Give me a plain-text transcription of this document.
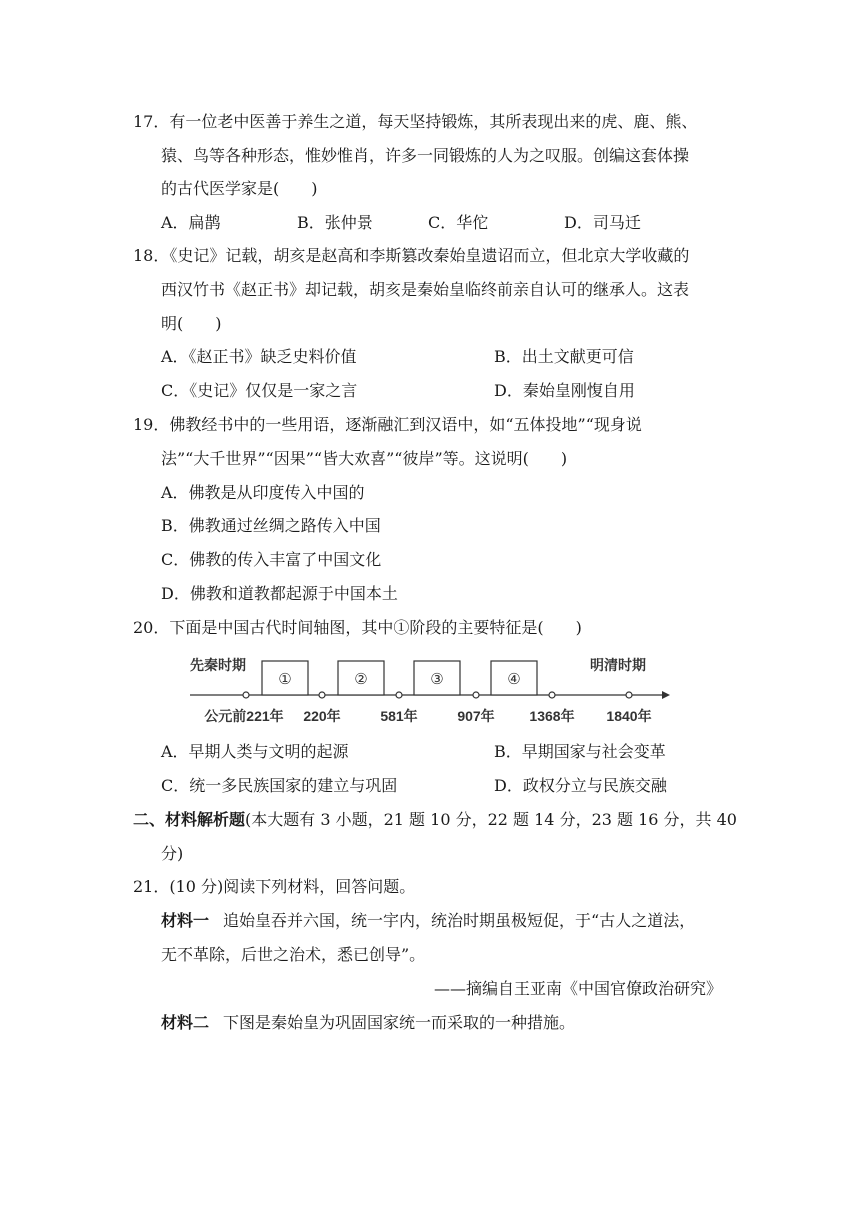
17．有一位老中医善于养生之道，每天坚持锻炼，其所表现出来的虎、鹿、熊、
猿、鸟等各种形态，惟妙惟肖，许多一同锻炼的人为之叹服。创编这套体操
的古代医学家是(　　)
A．扁鹊	B．张仲景	C．华佗	D．司马迁
18．《史记》记载，胡亥是赵高和李斯篡改秦始皇遗诏而立，但北京大学收藏的
西汉竹书《赵正书》却记载，胡亥是秦始皇临终前亲自认可的继承人。这表
明(　　)
A．《赵正书》缺乏史料价值	B．出土文献更可信
C．《史记》仅仅是一家之言	D．秦始皇刚愎自用
19．佛教经书中的一些用语，逐渐融汇到汉语中，如“五体投地”“现身说
法”“大千世界”“因果”“皆大欢喜”“彼岸”等。这说明(　　)
A．佛教是从印度传入中国的
B．佛教通过丝绸之路传入中国
C．佛教的传入丰富了中国文化
D．佛教和道教都起源于中国本土
20．下面是中国古代时间轴图，其中①阶段的主要特征是(　　)
先秦时期	明清时期
①	②	③	④
公元前221年 220年	581年	907年 1368年 1840年
A．早期人类与文明的起源	B．早期国家与社会变革
C．统一多民族国家的建立与巩固	D．政权分立与民族交融
二、材料解析题(本大题有 3 小题，21 题 10 分，22 题 14 分，23 题 16 分，共 40
分)
21．(10 分)阅读下列材料，回答问题。
材料一 追始皇吞并六国，统一宇内，统治时期虽极短促，于“古人之道法，
无不革除，后世之治术，悉已创导”。
——摘编自王亚南《中国官僚政治研究》
材料二 下图是秦始皇为巩固国家统一而采取的一种措施。
